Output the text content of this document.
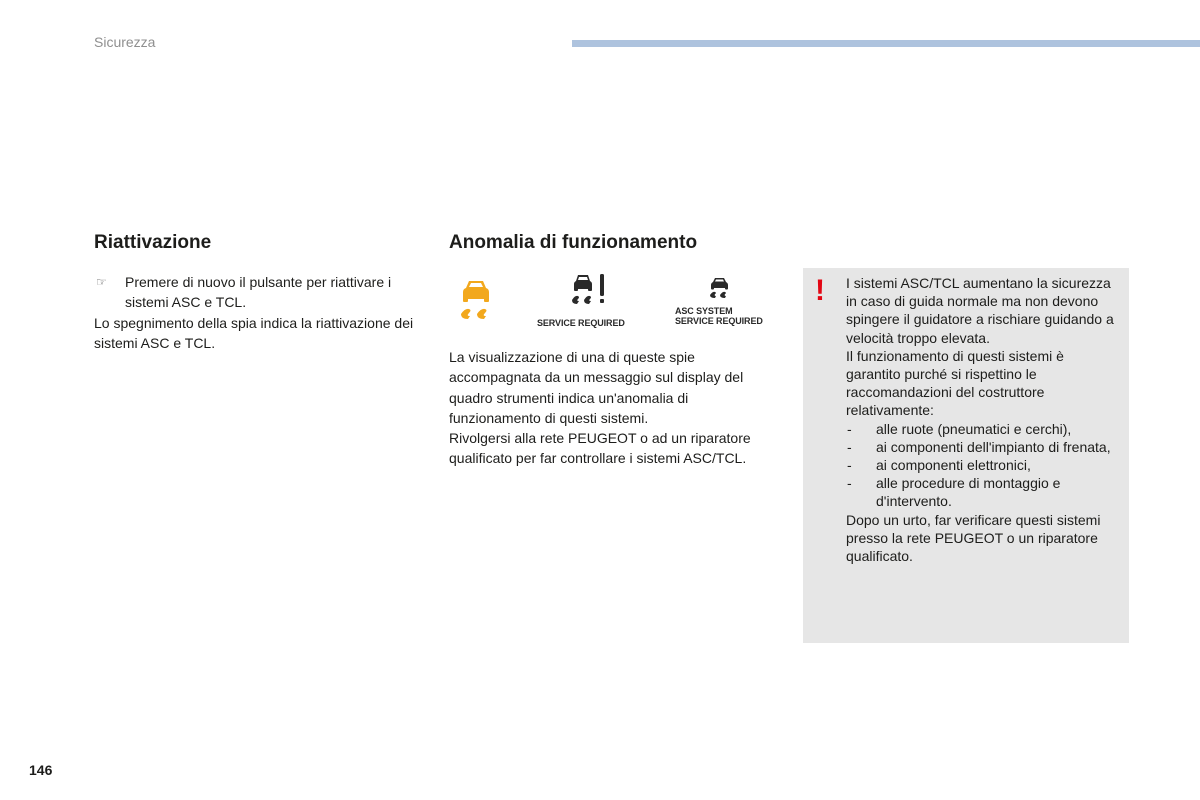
Sicurezza
Riattivazione
☞	Premere di nuovo il pulsante per riattivare i sistemi ASC e TCL.
Lo spegnimento della spia indica la riattivazione dei sistemi ASC e TCL.
Anomalia di funzionamento
SERVICE REQUIRED
ASC SYSTEM
SERVICE REQUIRED
La visualizzazione di una di queste spie accompagnata da un messaggio sul display del quadro strumenti indica un'anomalia di funzionamento di questi sistemi.
Rivolgersi alla rete PEUGEOT o ad un riparatore qualificato per far controllare i sistemi ASC/TCL.
! I sistemi ASC/TCL aumentano la sicurezza in caso di guida normale ma non devono spingere il guidatore a rischiare guidando a velocità troppo elevata.
Il funzionamento di questi sistemi è garantito purché si rispettino le raccomandazioni del costruttore relativamente:
-	alle ruote (pneumatici e cerchi),
-	ai componenti dell'impianto di frenata,
-	ai componenti elettronici,
-	alle procedure di montaggio e d'intervento.
Dopo un urto, far verificare questi sistemi presso la rete PEUGEOT o un riparatore qualificato.
146
